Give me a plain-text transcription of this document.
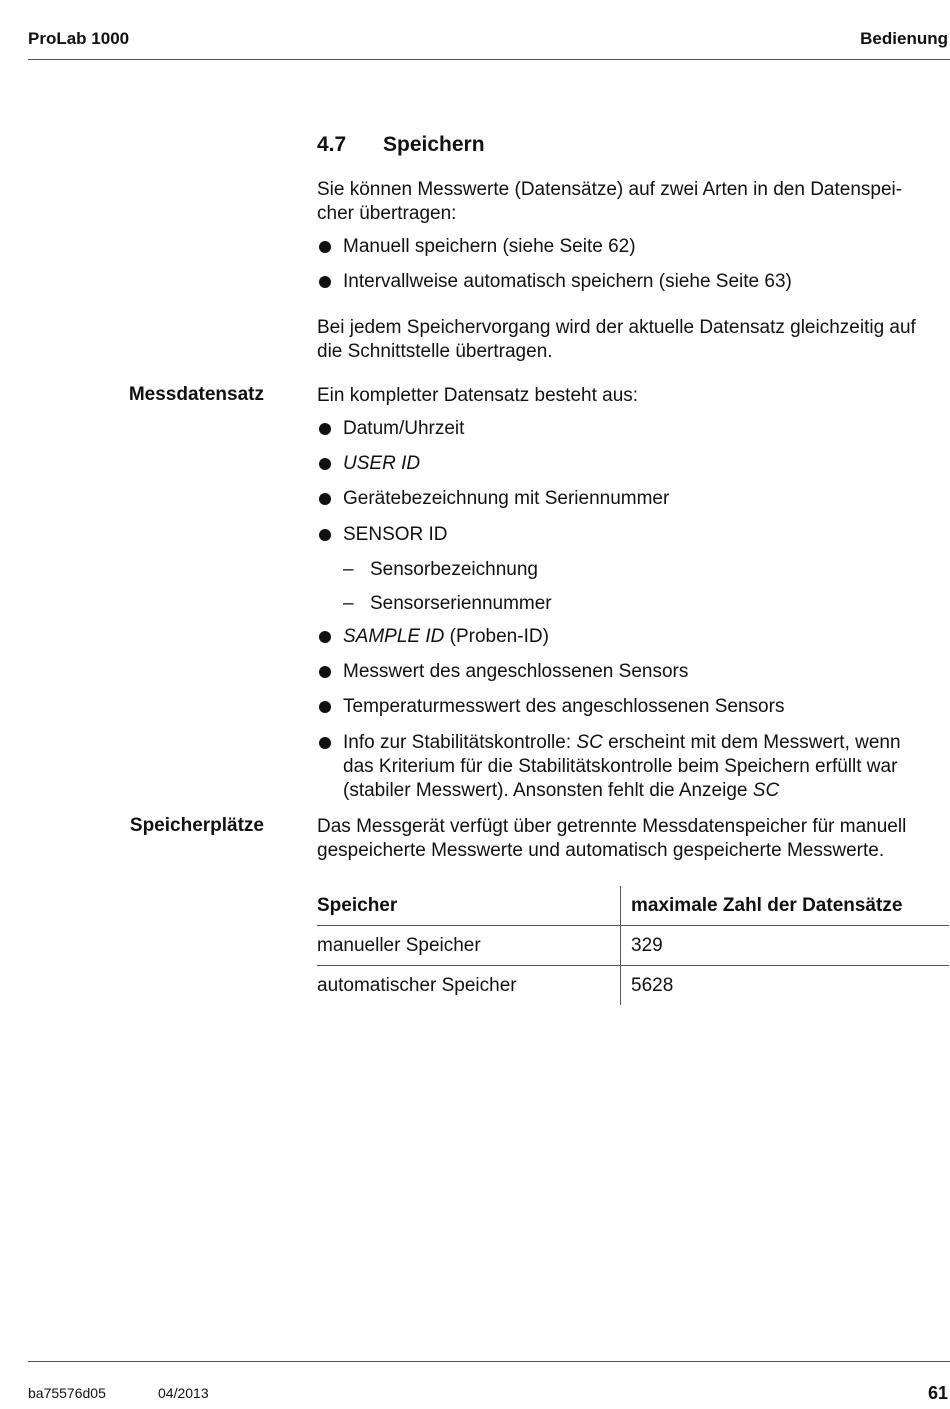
ProLab 1000	Bedienung
4.7 Speichern
Sie können Messwerte (Datensätze) auf zwei Arten in den Datenspei-
cher übertragen:
Manuell speichern (siehe Seite 62)
Intervallweise automatisch speichern (siehe Seite 63)
Bei jedem Speichervorgang wird der aktuelle Datensatz gleichzeitig auf
die Schnittstelle übertragen.
Messdatensatz	Ein kompletter Datensatz besteht aus:
Datum/Uhrzeit
USER ID
Gerätebezeichnung mit Seriennummer
SENSOR ID
– Sensorbezeichnung
– Sensorseriennummer
SAMPLE ID (Proben-ID)
Messwert des angeschlossenen Sensors
Temperaturmesswert des angeschlossenen Sensors
Info zur Stabilitätskontrolle: SC erscheint mit dem Messwert, wenn
das Kriterium für die Stabilitätskontrolle beim Speichern erfüllt war
(stabiler Messwert). Ansonsten fehlt die Anzeige SC
Speicherplätze	Das Messgerät verfügt über getrennte Messdatenspeicher für manuell
gespeicherte Messwerte und automatisch gespeicherte Messwerte.
Speicher	maximale Zahl der Datensätze
manueller Speicher	329
automatischer Speicher	5628
ba75576d05	04/2013	61
